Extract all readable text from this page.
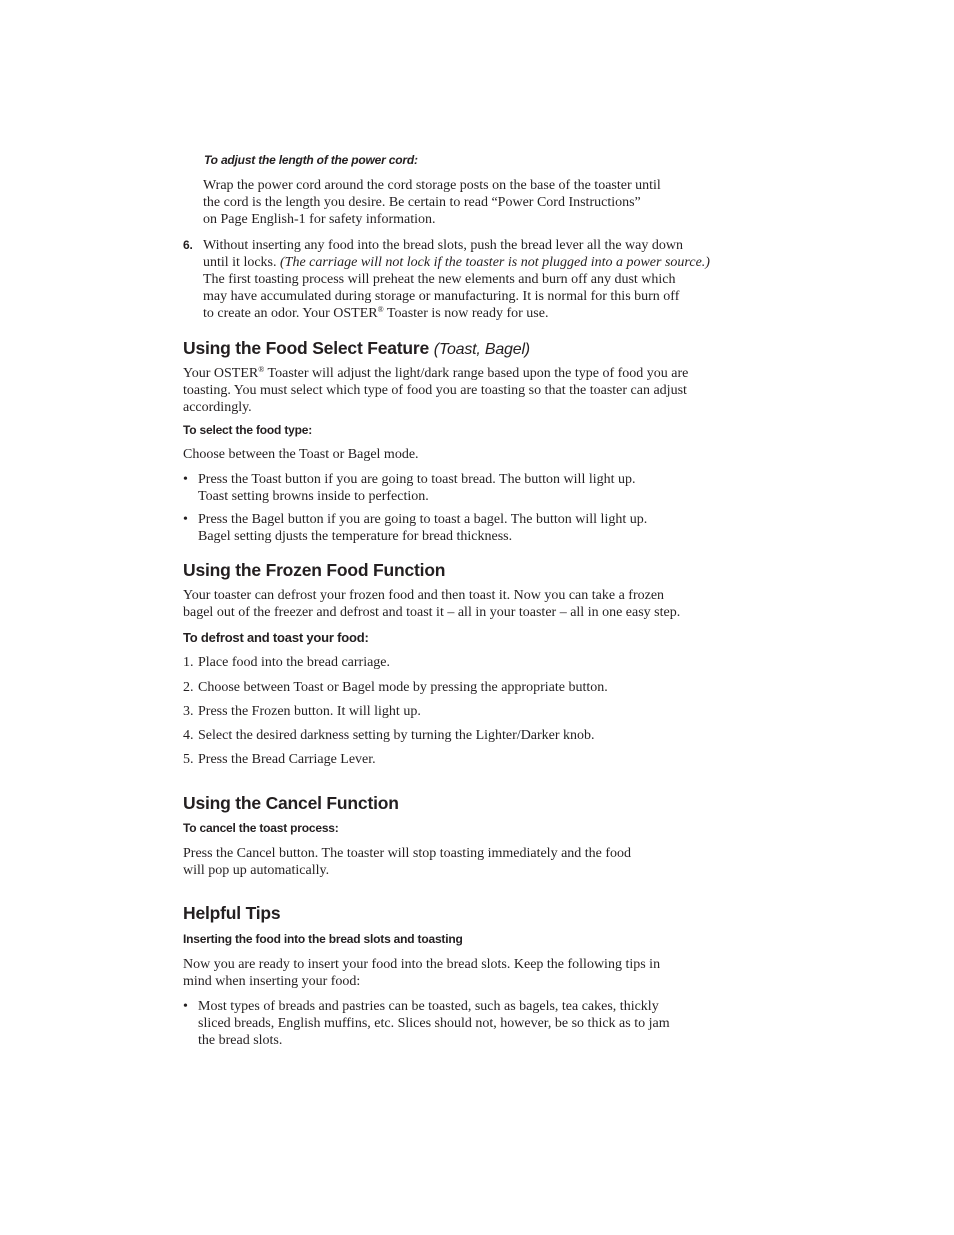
To adjust the length of the power cord:
Wrap the power cord around the cord storage posts on the base of the toaster until
the cord is the length you desire. Be certain to read “Power Cord Instructions”
on Page English-1 for safety information.
6. Without inserting any food into the bread slots, push the bread lever all the way down
until it locks. (The carriage will not lock if the toaster is not plugged into a power source.)
The first toasting process will preheat the new elements and burn off any dust which
may have accumulated during storage or manufacturing. It is normal for this burn off
to create an odor. Your OSTER® Toaster is now ready for use.
Using the Food Select Feature (Toast, Bagel)
Your OSTER® Toaster will adjust the light/dark range based upon the type of food you are
toasting. You must select which type of food you are toasting so that the toaster can adjust
accordingly.
To select the food type:
Choose between the Toast or Bagel mode.
• Press the Toast button if you are going to toast bread. The button will light up.
Toast setting browns inside to perfection.
• Press the Bagel button if you are going to toast a bagel. The button will light up.
Bagel setting djusts the temperature for bread thickness.
Using the Frozen Food Function
Your toaster can defrost your frozen food and then toast it. Now you can take a frozen
bagel out of the freezer and defrost and toast it – all in your toaster – all in one easy step.
To defrost and toast your food:
1. Place food into the bread carriage.
2. Choose between Toast or Bagel mode by pressing the appropriate button.
3. Press the Frozen button. It will light up.
4. Select the desired darkness setting by turning the Lighter/Darker knob.
5. Press the Bread Carriage Lever.
Using the Cancel Function
To cancel the toast process:
Press the Cancel button. The toaster will stop toasting immediately and the food
will pop up automatically.
Helpful Tips
Inserting the food into the bread slots and toasting
Now you are ready to insert your food into the bread slots. Keep the following tips in
mind when inserting your food:
• Most types of breads and pastries can be toasted, such as bagels, tea cakes, thickly
sliced breads, English muffins, etc. Slices should not, however, be so thick as to jam
the bread slots.
